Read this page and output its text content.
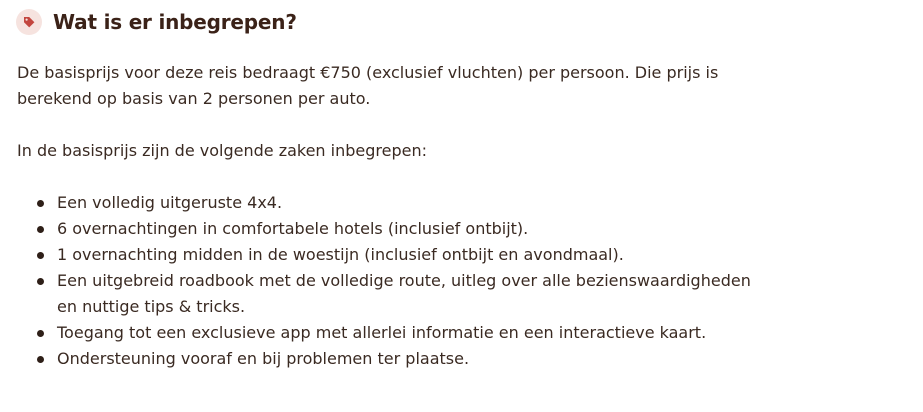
Wat is er inbegrepen?

De basisprijs voor deze reis bedraagt €750 (exclusief vluchten) per persoon. Die prijs is
berekend op basis van 2 personen per auto.

In de basisprijs zijn de volgende zaken inbegrepen:

Een volledig uitgeruste 4x4.
6 overnachtingen in comfortabele hotels (inclusief ontbijt).
1 overnachting midden in de woestijn (inclusief ontbijt en avondmaal).
Een uitgebreid roadbook met de volledige route, uitleg over alle bezienswaardigheden
en nuttige tips & tricks.
Toegang tot een exclusieve app met allerlei informatie en een interactieve kaart.
Ondersteuning vooraf en bij problemen ter plaatse.
